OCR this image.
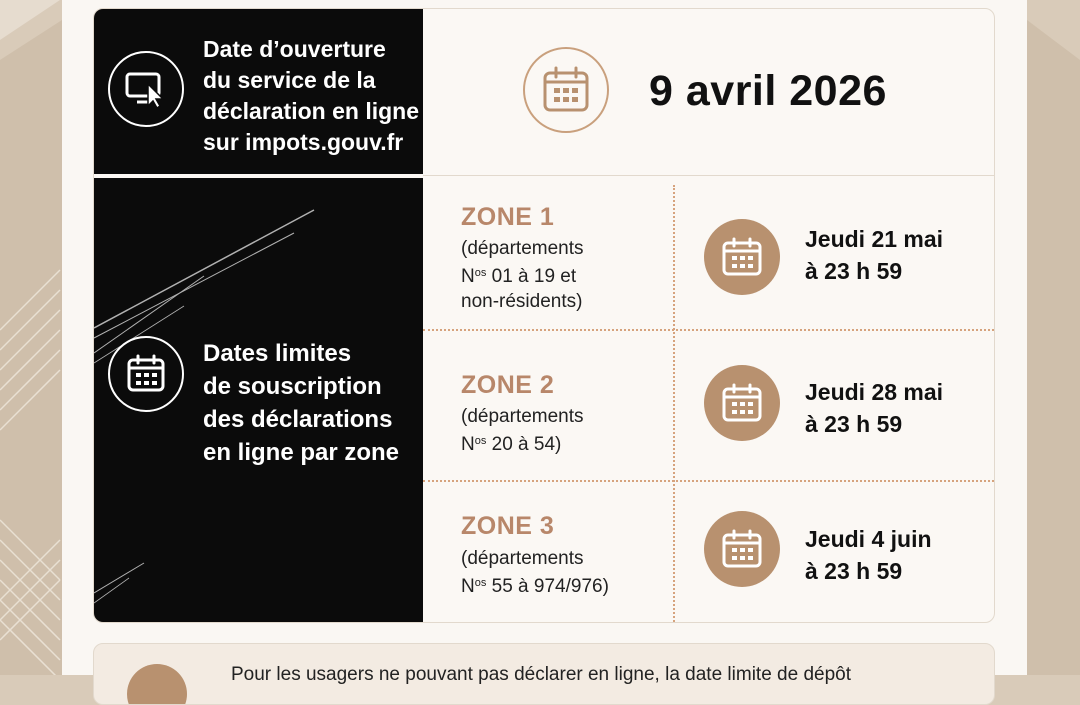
Date d’ouverture
du service de la
déclaration en ligne
sur impots.gouv.fr
9 avril 2026
Dates limites
de souscription
des déclarations
en ligne par zone
ZONE 1
(départements
$N^{os}$ 01 à 19 et
non-résidents)
Jeudi 21 mai
à 23 h 59
ZONE 2
(départements
$N^{os}$ 20 à 54)
Jeudi 28 mai
à 23 h 59
ZONE 3
(départements
$N^{os}$ 55 à 974/976)
Jeudi 4 juin
à 23 h 59
Pour les usagers ne pouvant pas déclarer en ligne, la date limite de dépôt
